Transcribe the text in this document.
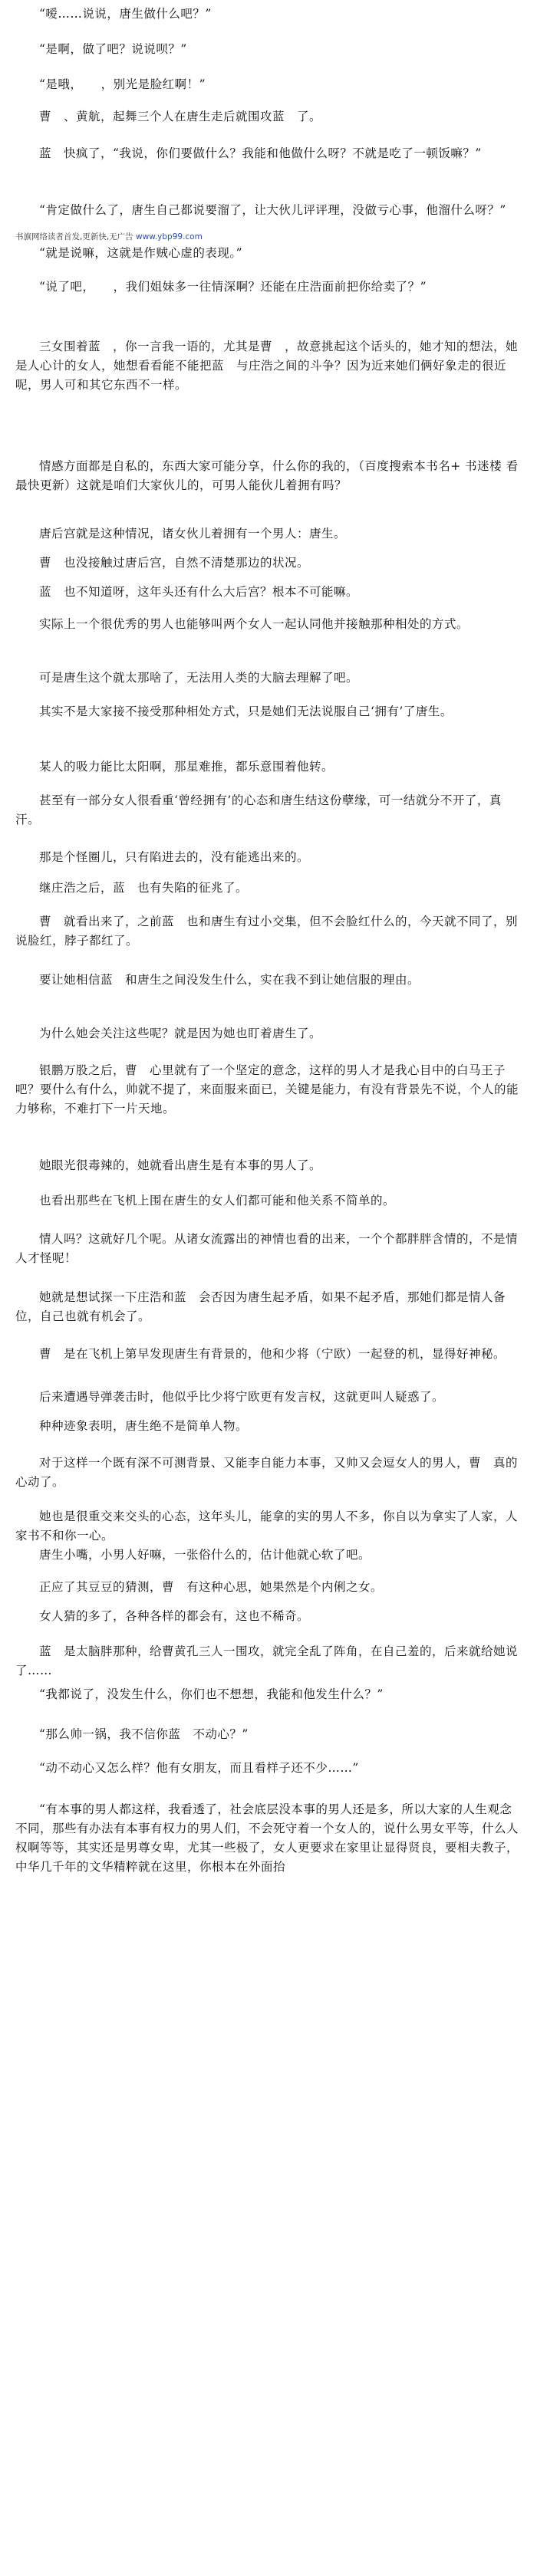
“嗳……说说，唐生做什么吧？”

“是啊，做了吧？说说呗？”

“是哦，　　，别光是脸红啊！”

曹　、黄航，起舞三个人在唐生走后就围攻蓝　了。

蓝　快疯了，“我说，你们要做什么？我能和他做什么呀？不就是吃了一顿饭嘛？”

“肯定做什么了，唐生自己都说要溜了，让大伙儿评评理，没做亏心事，他溜什么呀？”

“就是说嘛，这就是作贼心虚的表现。”

“说了吧，　　，我们姐妹多一往情深啊？还能在庄浩面前把你给卖了？”

三女围着蓝　，你一言我一语的，尤其是曹　，故意挑起这个话头的，她才知的想法，她是人心计的女人，她想看看能不能把蓝　与庄浩之间的斗争？因为近来她们俩好象走的很近呢，男人可和其它东西不一样。

情感方面都是自私的，东西大家可能分享，什么你的我的，（百度搜索本书名+ 书迷楼 看最快更新）这就是咱们大家伙儿的，可男人能伙儿着拥有吗？

唐后宫就是这种情况，诸女伙儿着拥有一个男人：唐生。

曹　也没接触过唐后宫，自然不清楚那边的状况。

蓝　也不知道呀，这年头还有什么大后宫？根本不可能嘛。

实际上一个很优秀的男人也能够叫两个女人一起认同他并接触那种相处的方式。

可是唐生这个就太那啥了，无法用人类的大脑去理解了吧。

其实不是大家接不接受那种相处方式，只是她们无法说服自己‘拥有’了唐生。

某人的吸力能比太阳啊，那星难推，都乐意围着他转。

甚至有一部分女人很看重‘曾经拥有’的心态和唐生结这份孽缘，可一结就分不开了，真汗。

那是个怪圈儿，只有陷进去的，没有能逃出来的。

继庄浩之后，蓝　也有失陷的征兆了。

曹　就看出来了，之前蓝　也和唐生有过小交集，但不会脸红什么的，今天就不同了，别说脸红，脖子都红了。

要让她相信蓝　和唐生之间没发生什么，实在我不到让她信服的理由。

为什么她会关注这些呢？就是因为她也盯着唐生了。

银鹏万股之后，曹　心里就有了一个坚定的意念，这样的男人才是我心目中的白马王子吧？要什么有什么，帅就不提了，来面服来面已，关键是能力，有没有背景先不说，个人的能力够称，不难打下一片天地。

她眼光很毒辣的，她就看出唐生是有本事的男人了。

也看出那些在飞机上围在唐生的女人们都可能和他关系不简单的。

情人吗？这就好几个呢。从诸女流露出的神情也看的出来，一个个都胖胖含情的，不是情人才怪呢！

她就是想试探一下庄浩和蓝　会否因为唐生起矛盾，如果不起矛盾，那她们都是情人备位，自己也就有机会了。

曹　是在飞机上第早发现唐生有背景的，他和少将（宁欧）一起登的机，显得好神秘。

后来遭遇导弹袭击时，他似乎比少将宁欧更有发言权，这就更叫人疑惑了。

种种迹象表明，唐生绝不是简单人物。

对于这样一个既有深不可测背景、又能李自能力本事，又帅又会逗女人的男人，曹　真的心动了。

她也是很重交来交头的心态，这年头儿，能拿的实的男人不多，你自以为拿实了人家，人家书不和你一心。

唐生小嘴，小男人好嘛，一张俗什么的，估计他就心软了吧。

正应了其豆豆的猜测，曹　有这种心思，她果然是个内俐之女。

女人猜的多了，各种各样的都会有，这也不稀奇。

蓝　是太脑胖那种，给曹黄孔三人一围攻，就完全乱了阵角，在自己羞的，后来就给她说了……

“我都说了，没发生什么，你们也不想想，我能和他发生什么？”

“那么帅一锅，我不信你蓝　不动心？”

“动不动心又怎么样？他有女朋友，而且看样子还不少……”

“有本事的男人都这样，我看透了，社会底层没本事的男人还是多，所以大家的人生观念不同，那些有办法有本事有权力的男人们，不会死守着一个女人的，说什么男女平等，什么人权啊等等，其实还是男尊女卑，尤其一些极了，女人更要求在家里让显得贤良，要相夫教子，中华几千年的文华精粹就在这里，你根本在外面抬

书旗网络读者首发,更新快,无广告 www.ybp99.com
